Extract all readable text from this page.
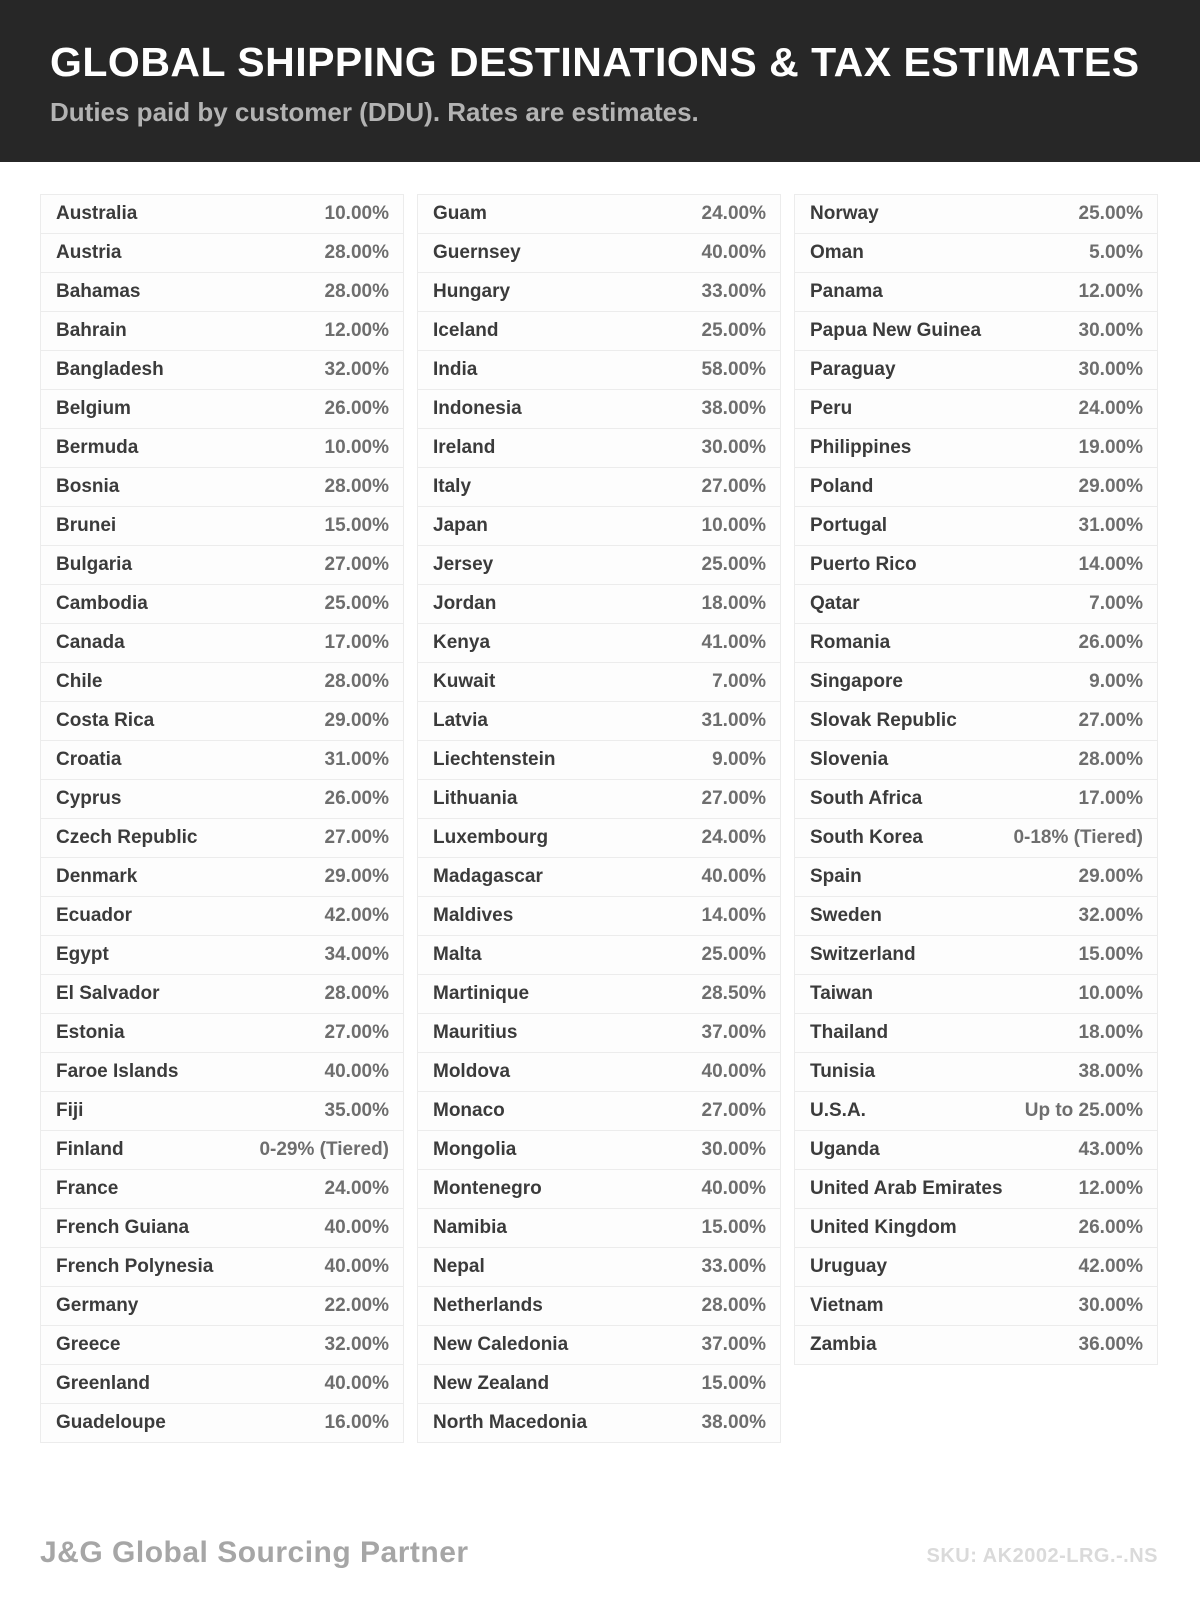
GLOBAL SHIPPING DESTINATIONS & TAX ESTIMATES
Duties paid by customer (DDU). Rates are estimates.
Australia	10.00%
Austria	28.00%
Bahamas	28.00%
Bahrain	12.00%
Bangladesh	32.00%
Belgium	26.00%
Bermuda	10.00%
Bosnia	28.00%
Brunei	15.00%
Bulgaria	27.00%
Cambodia	25.00%
Canada	17.00%
Chile	28.00%
Costa Rica	29.00%
Croatia	31.00%
Cyprus	26.00%
Czech Republic	27.00%
Denmark	29.00%
Ecuador	42.00%
Egypt	34.00%
El Salvador	28.00%
Estonia	27.00%
Faroe Islands	40.00%
Fiji	35.00%
Finland	0-29% (Tiered)
France	24.00%
French Guiana	40.00%
French Polynesia	40.00%
Germany	22.00%
Greece	32.00%
Greenland	40.00%
Guadeloupe	16.00%
Guam	24.00%
Guernsey	40.00%
Hungary	33.00%
Iceland	25.00%
India	58.00%
Indonesia	38.00%
Ireland	30.00%
Italy	27.00%
Japan	10.00%
Jersey	25.00%
Jordan	18.00%
Kenya	41.00%
Kuwait	7.00%
Latvia	31.00%
Liechtenstein	9.00%
Lithuania	27.00%
Luxembourg	24.00%
Madagascar	40.00%
Maldives	14.00%
Malta	25.00%
Martinique	28.50%
Mauritius	37.00%
Moldova	40.00%
Monaco	27.00%
Mongolia	30.00%
Montenegro	40.00%
Namibia	15.00%
Nepal	33.00%
Netherlands	28.00%
New Caledonia	37.00%
New Zealand	15.00%
North Macedonia	38.00%
Norway	25.00%
Oman	5.00%
Panama	12.00%
Papua New Guinea	30.00%
Paraguay	30.00%
Peru	24.00%
Philippines	19.00%
Poland	29.00%
Portugal	31.00%
Puerto Rico	14.00%
Qatar	7.00%
Romania	26.00%
Singapore	9.00%
Slovak Republic	27.00%
Slovenia	28.00%
South Africa	17.00%
South Korea	0-18% (Tiered)
Spain	29.00%
Sweden	32.00%
Switzerland	15.00%
Taiwan	10.00%
Thailand	18.00%
Tunisia	38.00%
U.S.A.	Up to 25.00%
Uganda	43.00%
United Arab Emirates	12.00%
United Kingdom	26.00%
Uruguay	42.00%
Vietnam	30.00%
Zambia	36.00%
J&G Global Sourcing Partner	SKU: AK2002-LRG.-.NS
